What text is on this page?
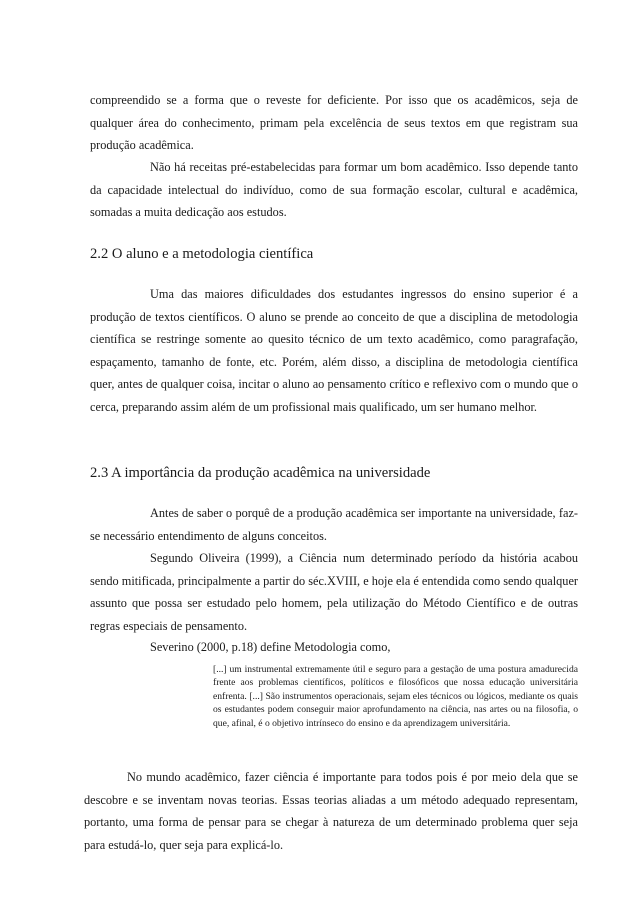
compreendido se a forma que o reveste for deficiente. Por isso que os acadêmicos, seja de qualquer área do conhecimento, primam pela excelência de seus textos em que registram sua produção acadêmica.

Não há receitas pré-estabelecidas para formar um bom acadêmico. Isso depende tanto da capacidade intelectual do indivíduo, como de sua formação escolar, cultural e acadêmica, somadas a muita dedicação aos estudos.

2.2 O aluno e a metodologia científica

Uma das maiores dificuldades dos estudantes ingressos do ensino superior é a produção de textos científicos. O aluno se prende ao conceito de que a disciplina de metodologia científica se restringe somente ao quesito técnico de um texto acadêmico, como paragrafação, espaçamento, tamanho de fonte, etc. Porém, além disso, a disciplina de metodologia científica quer, antes de qualquer coisa, incitar o aluno ao pensamento crítico e reflexivo com o mundo que o cerca, preparando assim além de um profissional mais qualificado, um ser humano melhor.

2.3 A importância da produção acadêmica na universidade

Antes de saber o porquê de a produção acadêmica ser importante na universidade, faz-se necessário entendimento de alguns conceitos.

Segundo Oliveira (1999), a Ciência num determinado período da história acabou sendo mitificada, principalmente a partir do séc.XVIII, e hoje ela é entendida como sendo qualquer assunto que possa ser estudado pelo homem, pela utilização do Método Científico e de outras regras especiais de pensamento.

Severino (2000, p.18) define Metodologia como,

[...] um instrumental extremamente útil e seguro para a gestação de uma postura amadurecida frente aos problemas científicos, políticos e filosóficos que nossa educação universitária enfrenta. [...] São instrumentos operacionais, sejam eles técnicos ou lógicos, mediante os quais os estudantes podem conseguir maior aprofundamento na ciência, nas artes ou na filosofia, o que, afinal, é o objetivo intrínseco do ensino e da aprendizagem universitária.

No mundo acadêmico, fazer ciência é importante para todos pois é por meio dela que se descobre e se inventam novas teorias. Essas teorias aliadas a um método adequado representam, portanto, uma forma de pensar para se chegar à natureza de um determinado problema quer seja para estudá-lo, quer seja para explicá-lo.
